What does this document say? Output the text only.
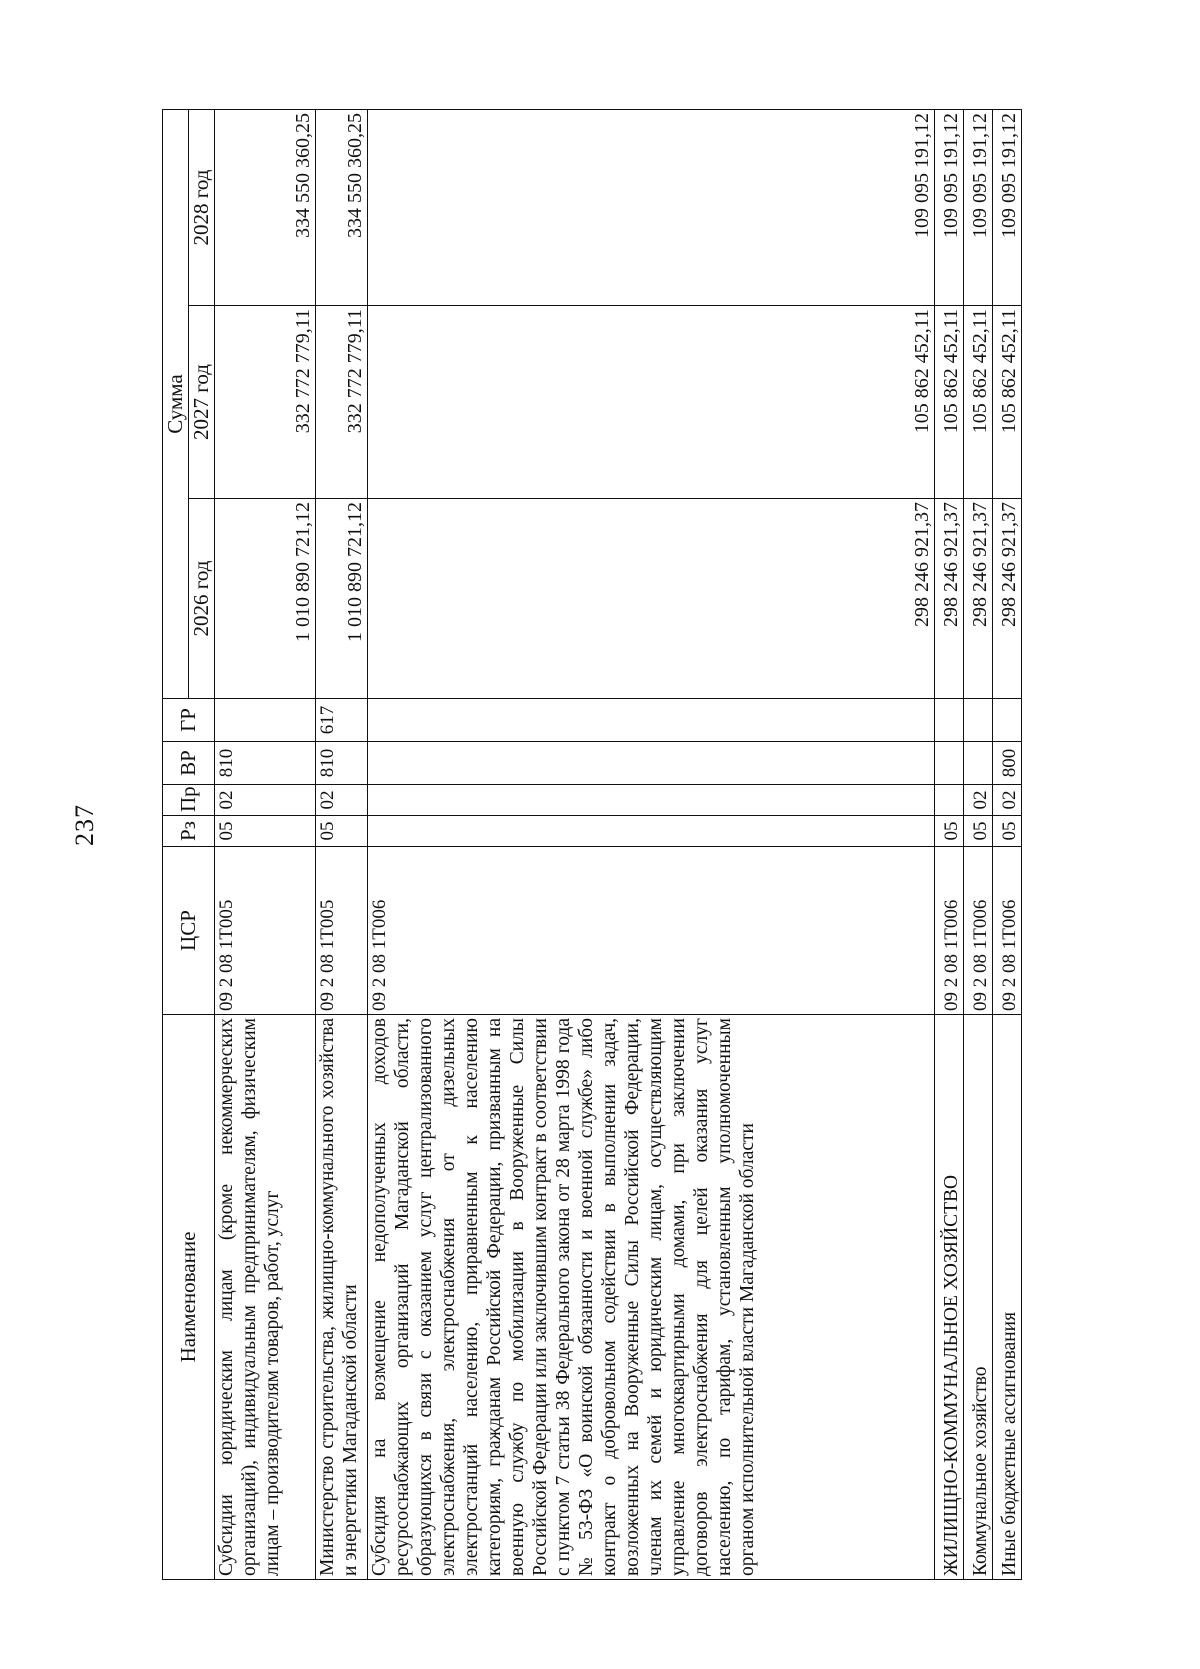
237
Наименование	ЦСР	Рз	Пр	ВР	ГР	Сумма		
						2026 год	2027 год	2028 год
Субсидии юридическим лицам (кроме некоммерческих организаций), индивидуальным предпринимателям, физическим лицам – производителям товаров, работ, услуг	09 2 08 1Т005	05	02	810		1 010 890 721,12	332 772 779,11	334 550 360,25
Министерство строительства, жилищно-коммунального хозяйства и энергетики Магаданской области	09 2 08 1Т005	05	02	810	617	1 010 890 721,12	332 772 779,11	334 550 360,25
Субсидия на возмещение недополученных доходов ресурсоснабжающих организаций Магаданской области, образующихся в связи с оказанием услуг централизованного электроснабжения, электроснабжения от дизельных электростанций населению, приравненным к населению категориям, гражданам Российской Федерации, призванным на военную службу по мобилизации в Вооруженные Силы Российской Федерации или заключившим контракт в соответствии с пунктом 7 статьи 38 Федерального закона от 28 марта 1998 года № 53-ФЗ «О воинской обязанности и военной службе» либо контракт о добровольном содействии в выполнении задач, возложенных на Вооруженные Силы Российской Федерации, членам их семей и юридическим лицам, осуществляющим управление многоквартирными домами, при заключении договоров электроснабжения для целей оказания услуг населению, по тарифам, установленным уполномоченным органом исполнительной власти Магаданской области	09 2 08 1Т006					298 246 921,37	105 862 452,11	109 095 191,12
ЖИЛИЩНО-КОММУНАЛЬНОЕ ХОЗЯЙСТВО	09 2 08 1Т006	05				298 246 921,37	105 862 452,11	109 095 191,12
Коммунальное хозяйство	09 2 08 1Т006	05	02			298 246 921,37	105 862 452,11	109 095 191,12
Иные бюджетные ассигнования	09 2 08 1Т006	05	02	800		298 246 921,37	105 862 452,11	109 095 191,12
